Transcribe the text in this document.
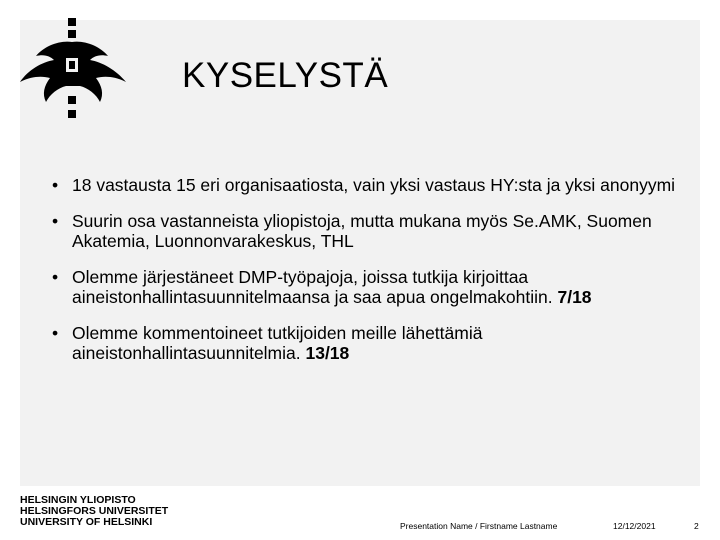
KYSELYSTÄ
• 18 vastausta 15 eri organisaatiosta, vain yksi vastaus HY:sta ja yksi anonyymi
• Suurin osa vastanneista yliopistoja, mutta mukana myös Se.AMK, Suomen Akatemia, Luonnonvarakeskus, THL
• Olemme järjestäneet DMP-työpajoja, joissa tutkija kirjoittaa aineistonhallintasuunnitelmaansa ja saa apua ongelmakohtiin. 7/18
• Olemme kommentoineet tutkijoiden meille lähettämiä aineistonhallintasuunnitelmia. 13/18
HELSINGIN YLIOPISTO
HELSINGFORS UNIVERSITET
UNIVERSITY OF HELSINKI	Presentation Name / Firstname Lastname	12/12/2021	2
